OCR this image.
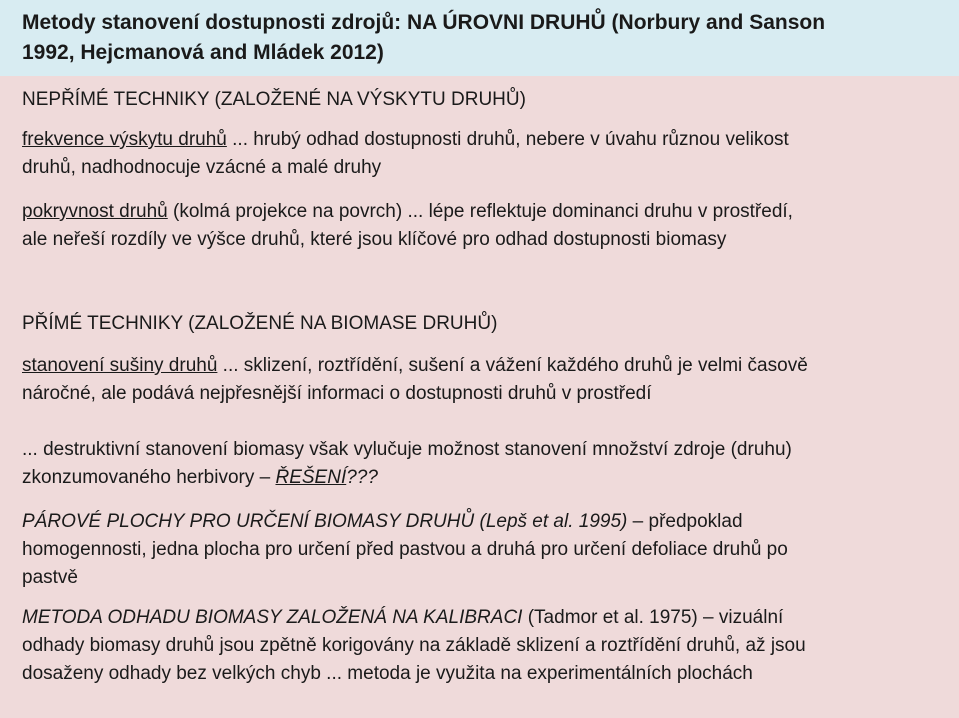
Metody stanovení dostupnosti zdrojů: NA ÚROVNI DRUHŮ (Norbury and Sanson
1992, Hejcmanová and Mládek 2012)
NEPŘÍMÉ TECHNIKY (ZALOŽENÉ NA VÝSKYTU DRUHŮ)
frekvence výskytu druhů ... hrubý odhad dostupnosti druhů, nebere v úvahu různou velikost
druhů, nadhodnocuje vzácné a malé druhy
pokryvnost druhů (kolmá projekce na povrch) ... lépe reflektuje dominanci druhu v prostředí,
ale neřeší rozdíly ve výšce druhů, které jsou klíčové pro odhad dostupnosti biomasy
PŘÍMÉ TECHNIKY (ZALOŽENÉ NA BIOMASE DRUHŮ)
stanovení sušiny druhů ... sklizení, roztřídění, sušení a vážení každého druhů je velmi časově
náročné, ale podává nejpřesnější informaci o dostupnosti druhů v prostředí
... destruktivní stanovení biomasy však vylučuje možnost stanovení množství zdroje (druhu)
zkonzumovaného herbivory – ŘEŠENÍ???
PÁROVÉ PLOCHY PRO URČENÍ BIOMASY DRUHŮ (Lepš et al. 1995) – předpoklad
homogennosti, jedna plocha pro určení před pastvou a druhá pro určení defoliace druhů po
pastvě
METODA ODHADU BIOMASY ZALOŽENÁ NA KALIBRACI (Tadmor et al. 1975) – vizuální
odhady biomasy druhů jsou zpětně korigovány na základě sklizení a roztřídění druhů, až jsou
dosaženy odhady bez velkých chyb ... metoda je využita na experimentálních plochách
